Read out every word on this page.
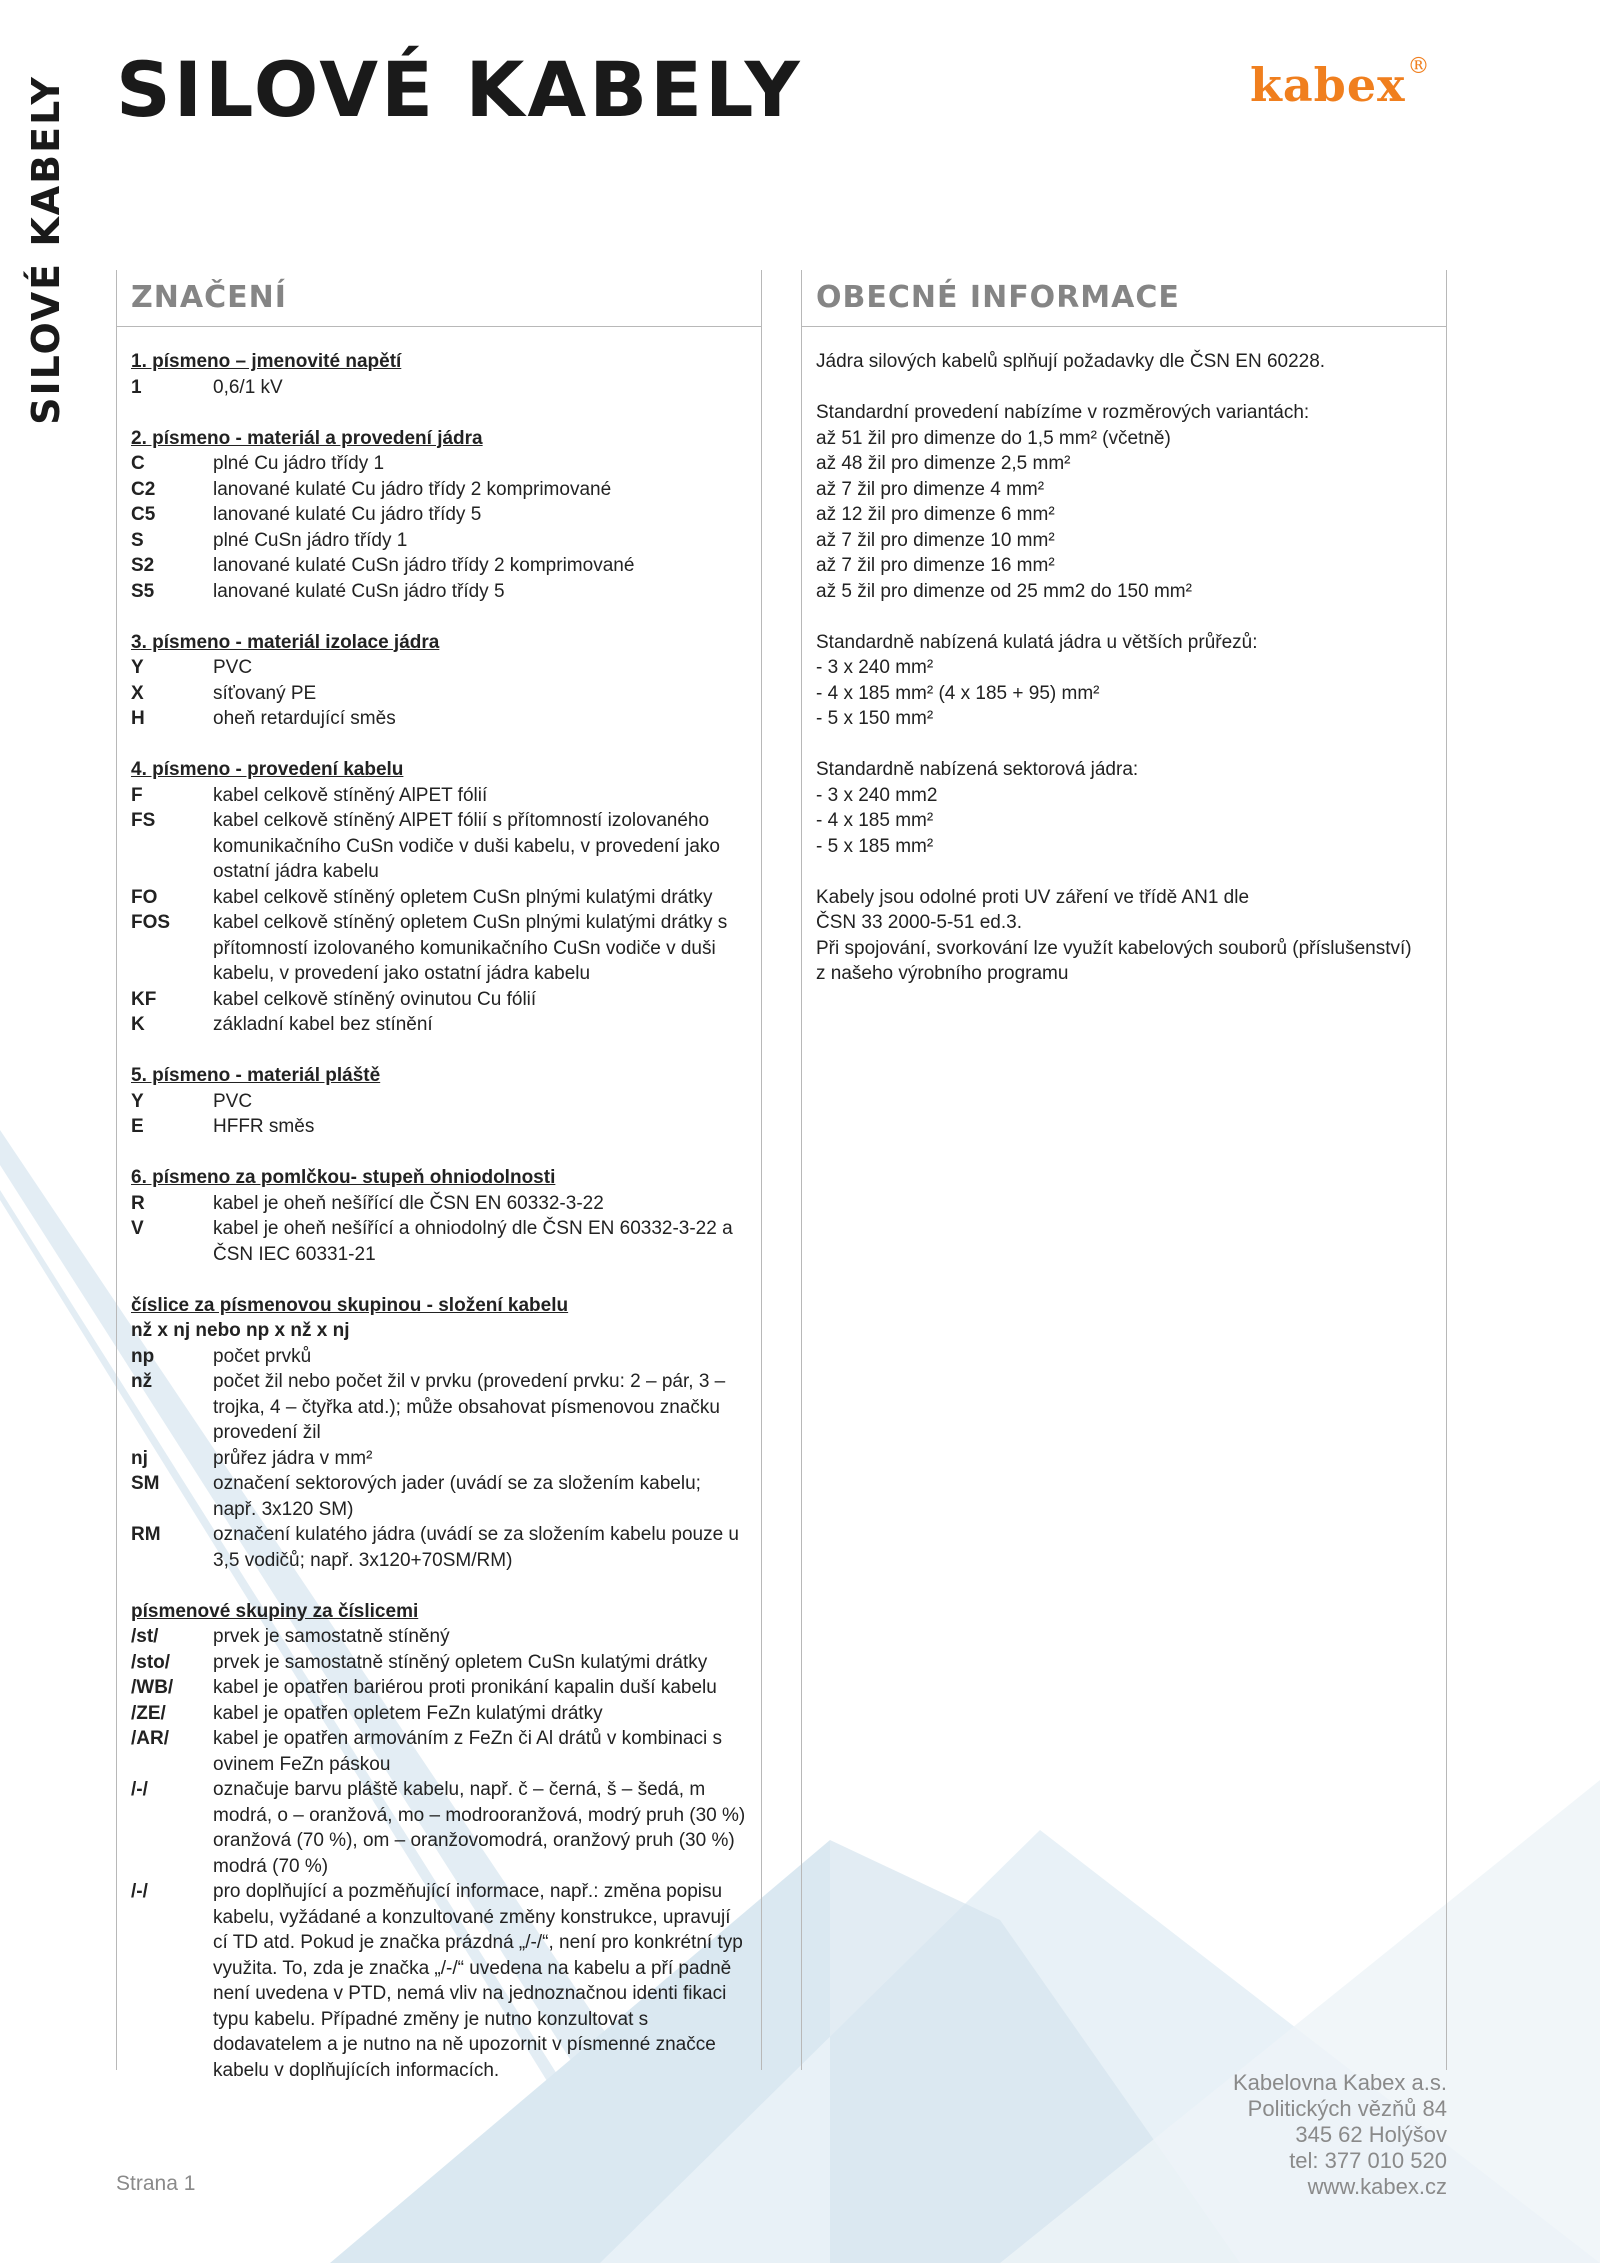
SILOVÉ KABELY SILOVÉ KABELY	kabex®
ZNAČENÍ
1. písmeno – jmenovité napětí
1	0,6/1 kV
2. písmeno - materiál a provedení jádra
C	plné Cu jádro třídy 1
C2	lanované kulaté Cu jádro třídy 2 komprimované
C5	lanované kulaté Cu jádro třídy 5
S	plné CuSn jádro třídy 1
S2	lanované kulaté CuSn jádro třídy 2 komprimované
S5	lanované kulaté CuSn jádro třídy 5
3. písmeno - materiál izolace jádra
Y	PVC
X	síťovaný PE
H	oheň retardující směs
4. písmeno - provedení kabelu
F	kabel celkově stíněný AlPET fólií
FS	kabel celkově stíněný AlPET fólií s přítomností izolovaného komunikačního CuSn vodiče v duši kabelu, v provedení jako ostatní jádra kabelu
FO	kabel celkově stíněný opletem CuSn plnými kulatými drátky
FOS	kabel celkově stíněný opletem CuSn plnými kulatými drátky s přítomností izolovaného komunikačního CuSn vodiče v duši kabelu, v provedení jako ostatní jádra kabelu
KF	kabel celkově stíněný ovinutou Cu fólií
K	základní kabel bez stínění
5. písmeno - materiál pláště
Y	PVC
E	HFFR směs
6. písmeno za pomlčkou- stupeň ohniodolnosti
R	kabel je oheň nešířící dle ČSN EN 60332-3-22
V	kabel je oheň nešířící a ohniodolný dle ČSN EN 60332-3-22 a ČSN IEC 60331-21
číslice za písmenovou skupinou - složení kabelu
nž x nj nebo np x nž x nj
np	počet prvků
nž	počet žil nebo počet žil v prvku (provedení prvku: 2 – pár, 3 – trojka, 4 – čtyřka atd.); může obsahovat písmenovou značku provedení žil
nj	průřez jádra v mm²
SM	označení sektorových jader (uvádí se za složením kabelu; např. 3x120 SM)
RM	označení kulatého jádra (uvádí se za složením kabelu pouze u 3,5 vodičů; např. 3x120+70SM/RM)
písmenové skupiny za číslicemi
/st/	prvek je samostatně stíněný
/sto/	prvek je samostatně stíněný opletem CuSn kulatými drátky
/WB/	kabel je opatřen bariérou proti pronikání kapalin duší kabelu
/ZE/	kabel je opatřen opletem FeZn kulatými drátky
/AR/	kabel je opatřen armováním z FeZn či Al drátů v kombinaci s ovinem FeZn páskou
/-/	označuje barvu pláště kabelu, např. č – černá, š – šedá, m modrá, o – oranžová, mo – modrooranžová, modrý pruh (30 %) oranžová (70 %), om – oranžovomodrá, oranžový pruh (30 %) modrá (70 %)
/-/	pro doplňující a pozměňující informace, např.: změna popisu kabelu, vyžádané a konzultované změny konstrukce, upravují cí TD atd. Pokud je značka prázdná „/-/“, není pro konkrétní typ využita. To, zda je značka „/-/“ uvedena na kabelu a pří padně není uvedena v PTD, nemá vliv na jednoznačnou identi fikaci typu kabelu. Případné změny je nutno konzultovat s dodavatelem a je nutno na ně upozornit v písmenné značce kabelu v doplňujících informacích.
OBECNÉ INFORMACE

Jádra silových kabelů splňují požadavky dle ČSN EN 60228.

Standardní provedení nabízíme v rozměrových variantách:
až 51 žil pro dimenze do 1,5 mm² (včetně)
až 48 žil pro dimenze 2,5 mm²
až 7 žil pro dimenze 4 mm²
až 12 žil pro dimenze 6 mm²
až 7 žil pro dimenze 10 mm²
až 7 žil pro dimenze 16 mm²
až 5 žil pro dimenze od 25 mm2 do 150 mm²

Standardně nabízená kulatá jádra u větších průřezů:
- 3 x 240 mm²
- 4 x 185 mm² (4 x 185 + 95) mm²
- 5 x 150 mm²

Standardně nabízená sektorová jádra:
- 3 x 240 mm2
- 4 x 185 mm²
- 5 x 185 mm²

Kabely jsou odolné proti UV záření ve třídě AN1 dle
ČSN 33 2000-5-51 ed.3.
Při spojování, svorkování lze využít kabelových souborů (příslušenství)
z našeho výrobního programu

Kabelovna Kabex a.s.
Politických vězňů 84
345 62 Holýšov
tel: 377 010 520
www.kabex.cz
Strana 1
